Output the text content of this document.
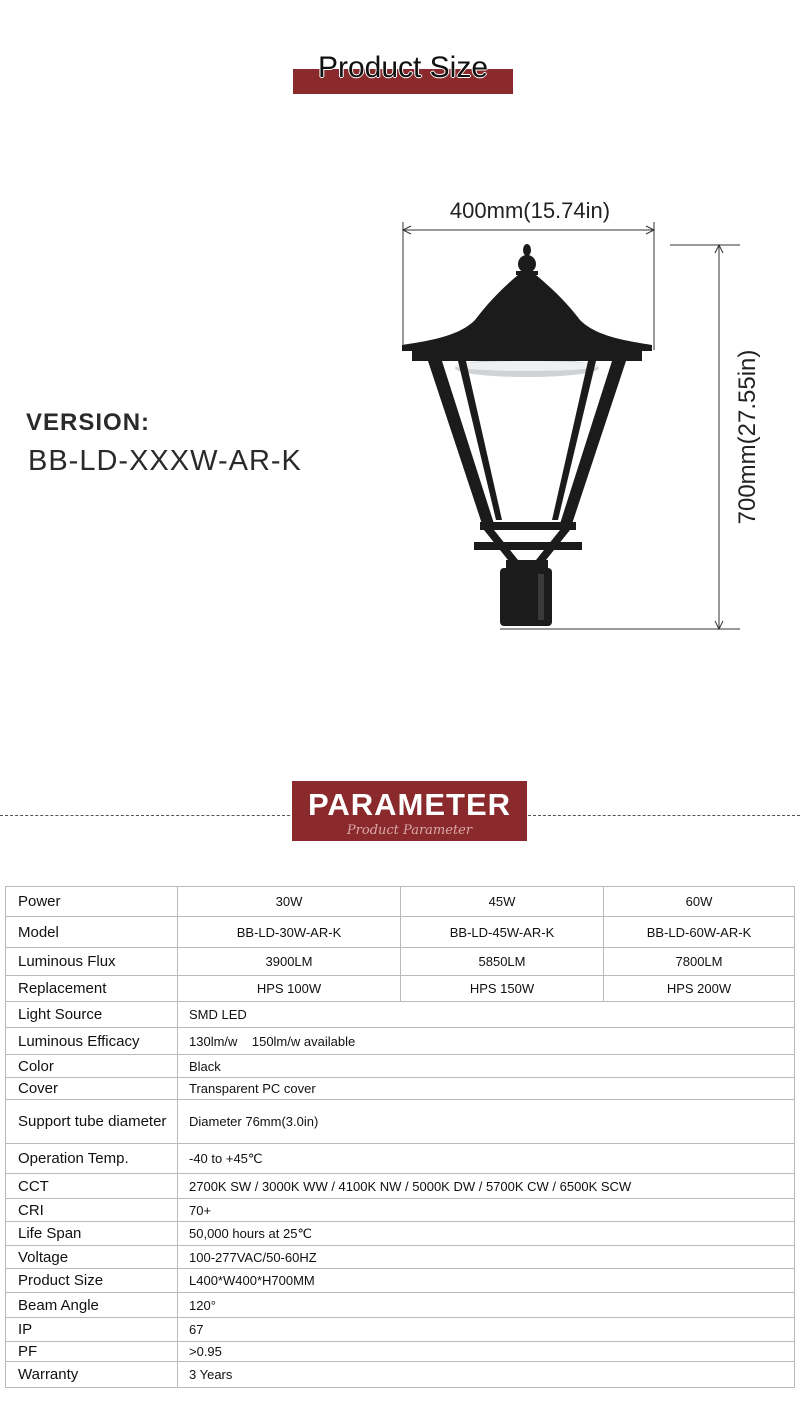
Product Size
VERSION:
BB-LD-XXXW-AR-K
400mm(15.74in)
700mm(27.55in)
PARAMETER
Product Parameter
Power	30W	45W	60W
Model	BB-LD-30W-AR-K	BB-LD-45W-AR-K	BB-LD-60W-AR-K
Luminous Flux	3900LM	5850LM	7800LM
Replacement	HPS 100W	HPS 150W	HPS 200W
Light Source	SMD LED		
Luminous Efficacy	130lm/w    150lm/w available		
Color	Black		
Cover	Transparent PC cover		
Support tube diameter	Diameter 76mm(3.0in)		
Operation Temp.	-40 to +45℃		
CCT	2700K SW / 3000K WW / 4100K NW / 5000K DW / 5700K CW / 6500K SCW		
CRI	70+		
Life Span	50,000 hours at 25℃		
Voltage	100-277VAC/50-60HZ		
Product Size	L400*W400*H700MM		
Beam Angle	120°		
IP	67		
PF	>0.95		
Warranty	3 Years		
